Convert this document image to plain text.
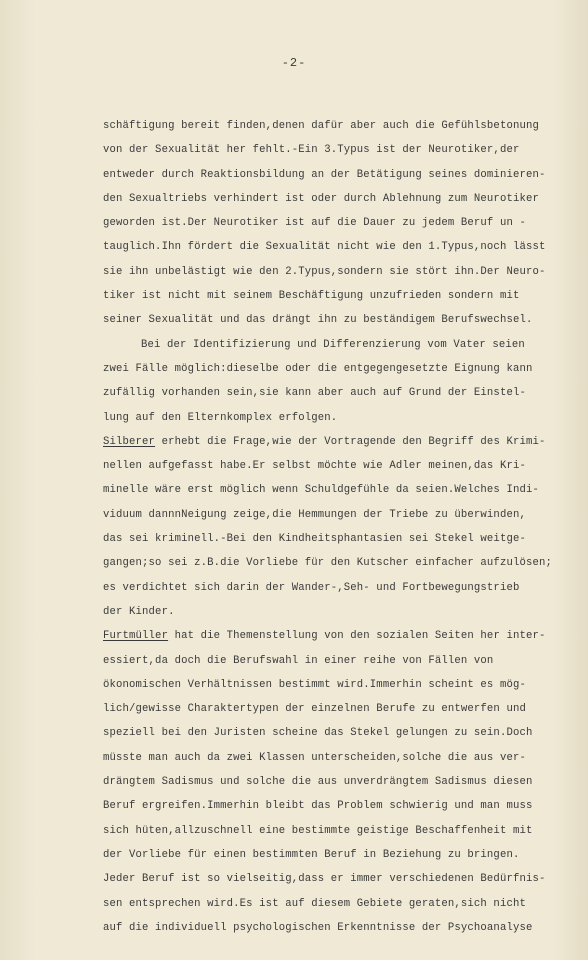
-2-
schäftigung bereit finden,denen dafür aber auch die Gefühlsbetonung
von der Sexualität her fehlt.-Ein 3.Typus ist der Neurotiker,der
entweder durch Reaktionsbildung an der Betätigung seines dominieren-
den Sexualtriebs verhindert ist oder durch Ablehnung zum Neurotiker
geworden ist.Der Neurotiker ist auf die Dauer zu jedem Beruf un -
tauglich.Ihn fördert die Sexualität nicht wie den 1.Typus,noch lässt
sie ihn unbelästigt wie den 2.Typus,sondern sie stört ihn.Der Neuro-
tiker ist nicht mit seinem Beschäftigung unzufrieden sondern mit
seiner Sexualität und das drängt ihn zu beständigem Berufswechsel.
Bei der Identifizierung und Differenzierung vom Vater seien
zwei Fälle möglich:dieselbe oder die entgegengesetzte Eignung kann
zufällig vorhanden sein,sie kann aber auch auf Grund der Einstel-
lung auf den Elternkomplex erfolgen.
Silberer erhebt die Frage,wie der Vortragende den Begriff des Krimi-
nellen aufgefasst habe.Er selbst möchte wie Adler meinen,das Kri-
minelle wäre erst möglich wenn Schuldgefühle da seien.Welches Indi-
viduum dannnNeigung zeige,die Hemmungen der Triebe zu überwinden,
das sei kriminell.-Bei den Kindheitsphantasien sei Stekel weitge-
gangen;so sei z.B.die Vorliebe für den Kutscher einfacher aufzulösen;
es verdichtet sich darin der Wander-,Seh- und Fortbewegungstrieb
der Kinder.
Furtmüller hat die Themenstellung von den sozialen Seiten her inter-
essiert,da doch die Berufswahl in einer reihe von Fällen von
ökonomischen Verhältnissen bestimmt wird.Immerhin scheint es mög-
lich/gewisse Charaktertypen der einzelnen Berufe zu entwerfen und
speziell bei den Juristen scheine das Stekel gelungen zu sein.Doch
müsste man auch da zwei Klassen unterscheiden,solche die aus ver-
drängtem Sadismus und solche die aus unverdrängtem Sadismus diesen
Beruf ergreifen.Immerhin bleibt das Problem schwierig und man muss
sich hüten,allzuschnell eine bestimmte geistige Beschaffenheit mit
der Vorliebe für einen bestimmten Beruf in Beziehung zu bringen.
Jeder Beruf ist so vielseitig,dass er immer verschiedenen Bedürfnis-
sen entsprechen wird.Es ist auf diesem Gebiete geraten,sich nicht
auf die individuell psychologischen Erkenntnisse der Psychoanalyse
